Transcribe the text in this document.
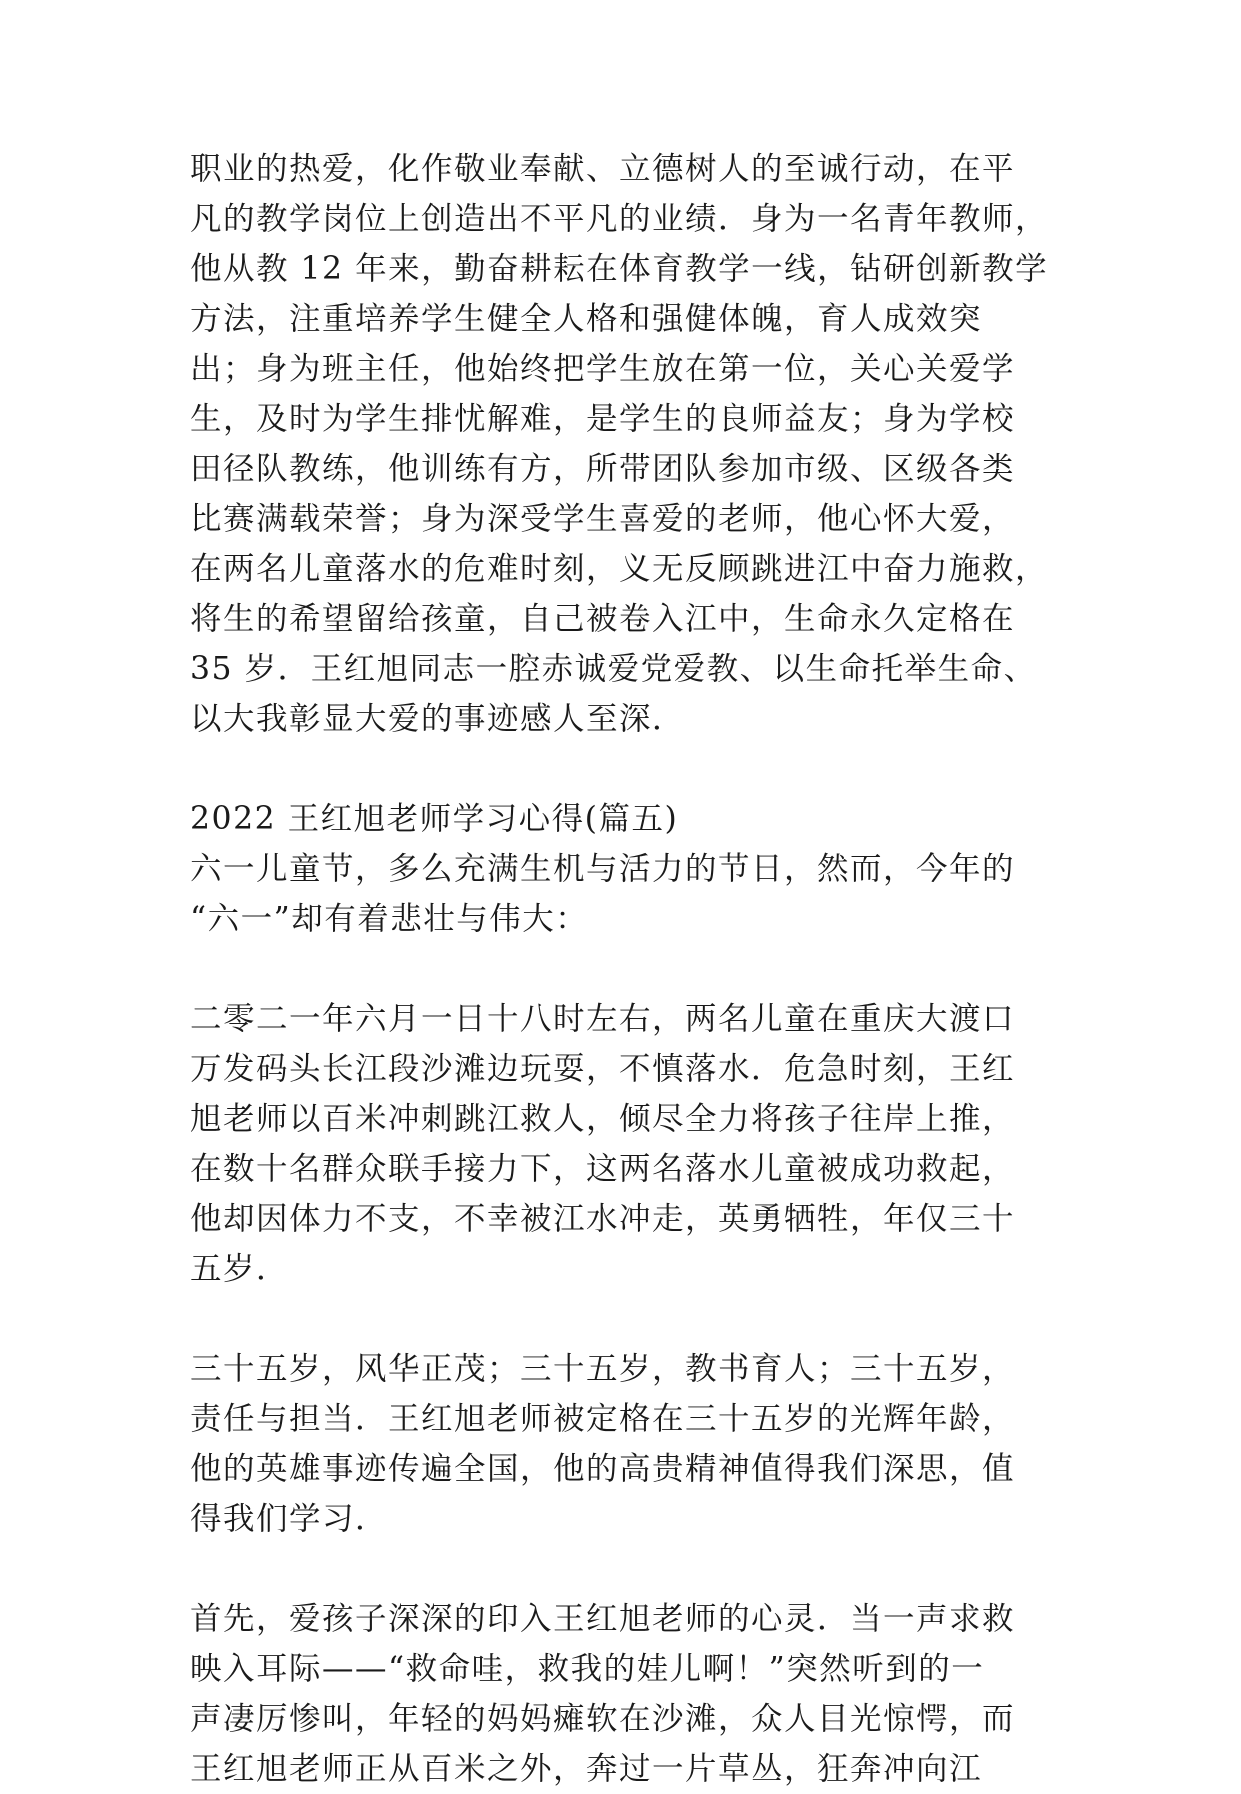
职业的热爱，化作敬业奉献、立德树人的至诚行动，在平
凡的教学岗位上创造出不平凡的业绩．身为一名青年教师，
他从教 12 年来，勤奋耕耘在体育教学一线，钻研创新教学
方法，注重培养学生健全人格和强健体魄，育人成效突
出；身为班主任，他始终把学生放在第一位，关心关爱学
生，及时为学生排忧解难，是学生的良师益友；身为学校
田径队教练，他训练有方，所带团队参加市级、区级各类
比赛满载荣誉；身为深受学生喜爱的老师，他心怀大爱，
在两名儿童落水的危难时刻，义无反顾跳进江中奋力施救，
将生的希望留给孩童，自己被卷入江中，生命永久定格在
35 岁．王红旭同志一腔赤诚爱党爱教、以生命托举生命、
以大我彰显大爱的事迹感人至深．
2022 王红旭老师学习心得(篇五)
六一儿童节，多么充满生机与活力的节日，然而，今年的
“六一”却有着悲壮与伟大：
二零二一年六月一日十八时左右，两名儿童在重庆大渡口
万发码头长江段沙滩边玩耍，不慎落水．危急时刻，王红
旭老师以百米冲刺跳江救人，倾尽全力将孩子往岸上推，
在数十名群众联手接力下，这两名落水儿童被成功救起，
他却因体力不支，不幸被江水冲走，英勇牺牲，年仅三十
五岁．
三十五岁，风华正茂；三十五岁，教书育人；三十五岁，
责任与担当．王红旭老师被定格在三十五岁的光辉年龄，
他的英雄事迹传遍全国，他的高贵精神值得我们深思，值
得我们学习．
首先，爱孩子深深的印入王红旭老师的心灵．当一声求救
映入耳际——“救命哇，救我的娃儿啊！”突然听到的一
声凄厉惨叫，年轻的妈妈瘫软在沙滩，众人目光惊愕，而
王红旭老师正从百米之外，奔过一片草丛，狂奔冲向江
